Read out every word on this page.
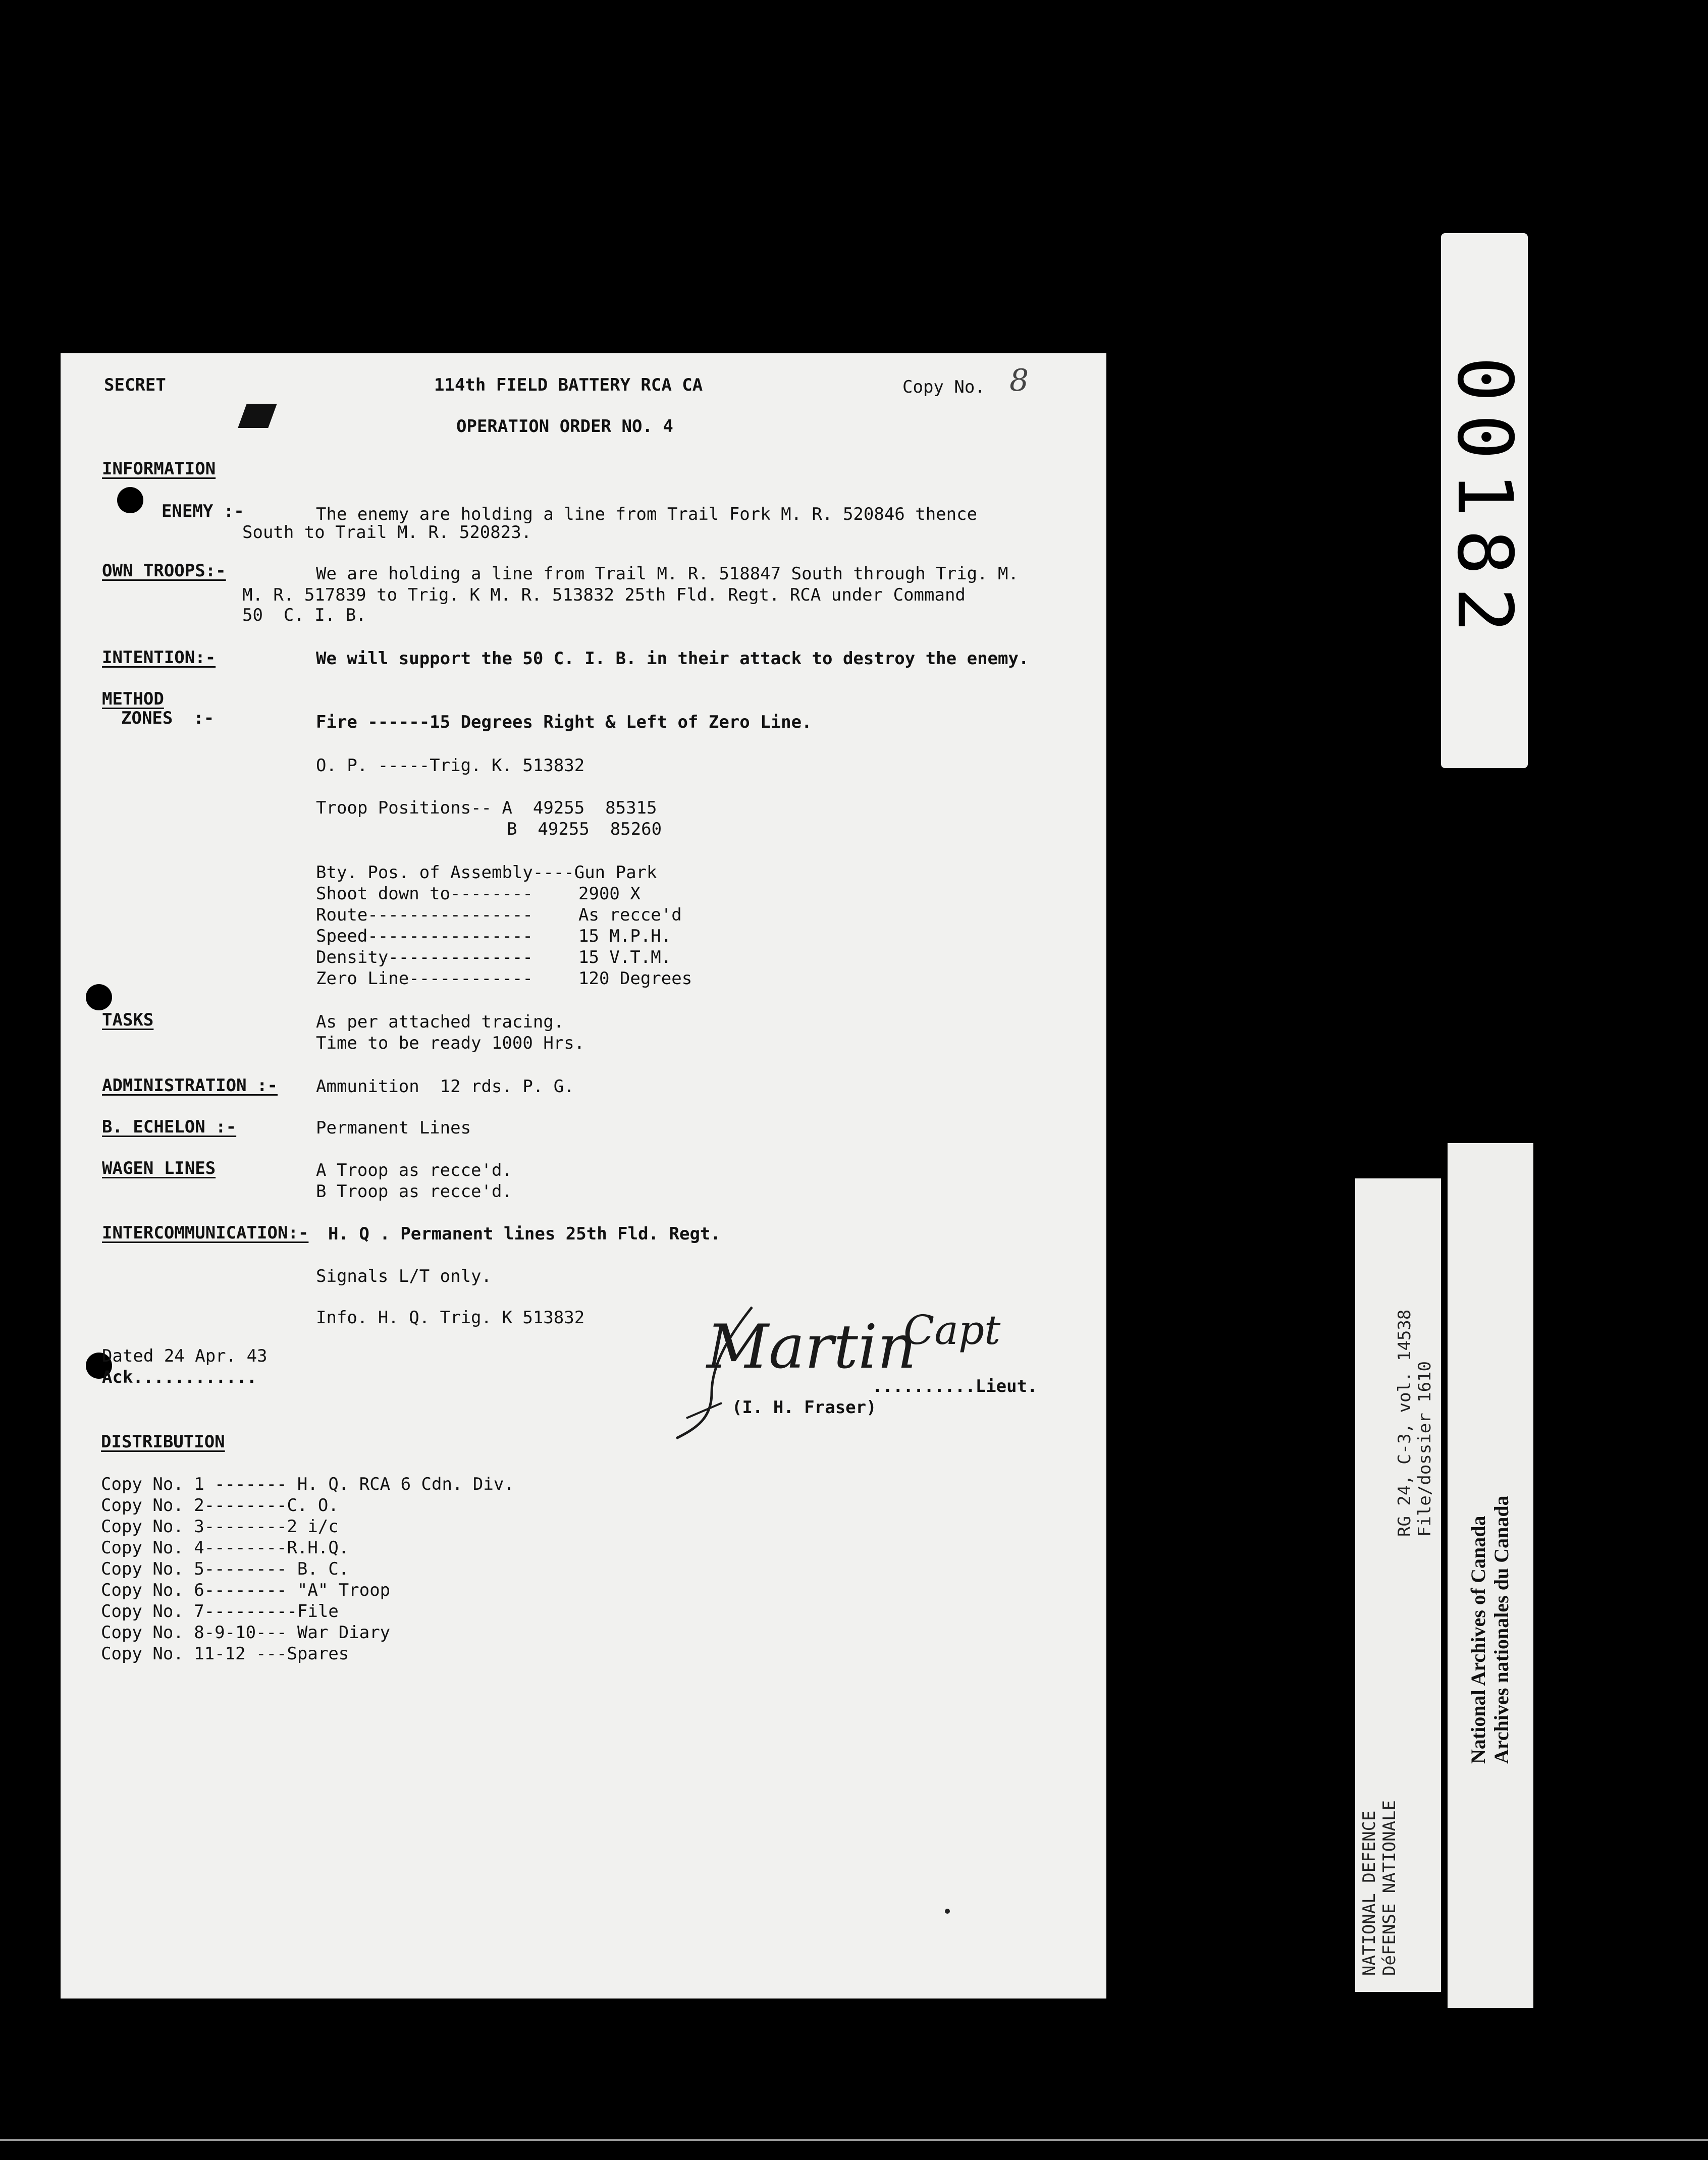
SECRET	114th FIELD BATTERY RCA CA	Copy No. 8
OPERATION ORDER NO. 4
INFORMATION
ENEMY :-	The enemy are holding a line from Trail Fork M. R. 520846 thence
South to Trail M. R. 520823.
OWN TROOPS:-	We are holding a line from Trail M. R. 518847 South through Trig. M.
M. R. 517839 to Trig. K M. R. 513832 25th Fld. Regt. RCA under Command
50  C. I. B.
INTENTION:-	We will support the 50 C. I. B. in their attack to destroy the enemy.
METHOD
ZONES  :-	Fire ------15 Degrees Right & Left of Zero Line.
O. P. -----Trig. K. 513832
Troop Positions-- A  49255  85315
B  49255  85260
Bty. Pos. of Assembly----Gun Park
Shoot down to--------	2900 X
Route----------------	As recce'd
Speed----------------	15 M.P.H.
Density--------------	15 V.T.M.
Zero Line------------	120 Degrees
TASKS	As per attached tracing.
Time to be ready 1000 Hrs.
ADMINISTRATION :- Ammunition  12 rds. P. G.
B. ECHELON :-	Permanent Lines
WAGEN LINES	A Troop as recce'd.
B Troop as recce'd.
INTERCOMMUNICATION:- H. Q . Permanent lines 25th Fld. Regt.
Signals L/T only.
Info. H. Q. Trig. K 513832
Dated 24 Apr. 43
Ack............	Martin
Capt
..........Lieut.
(I. H. Fraser)
DISTRIBUTION
Copy No. 1 ------- H. Q. RCA 6 Cdn. Div.
Copy No. 2--------C. O.
Copy No. 3--------2 i/c
Copy No. 4--------R.H.Q.
Copy No. 5-------- B. C.
Copy No. 6-------- "A" Troop
Copy No. 7---------File
Copy No. 8-9-10--- War Diary
Copy No. 11-12 ---Spares
00182
NATIONAL DEFENCE DéFENSE NATIONALE
RG 24, C-3, vol. 14538 File/dossier 1610
National Archives of Canada Archives nationales du Canada
